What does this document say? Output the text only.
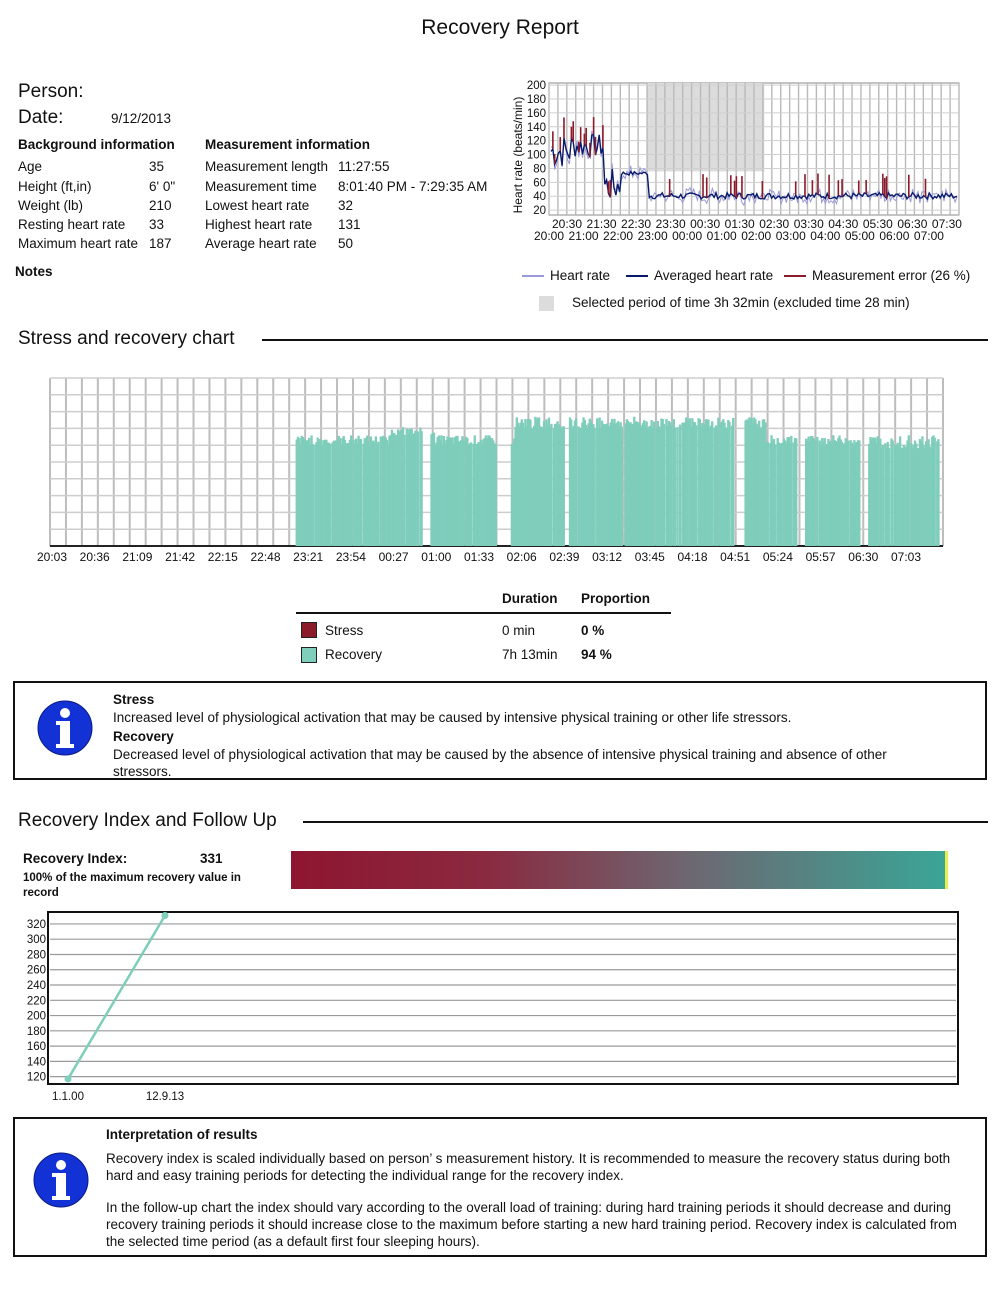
Recovery Report
Person:
Date:	9/12/2013
Background information
Age	35
Height (ft,in)	6' 0"
Weight (lb)	210
Resting heart rate 33
Maximum heart rate 187
Measurement information
Measurement length 11:27:55
Measurement time 8:01:40 PM - 7:29:35 AM
Lowest heart rate 32
Highest heart rate 131
Average heart rate 50
Notes
Heart rate (beats/min)
200
180
160
140
120
100
80
60
40
20
20:30 21:30 22:30 23:30 00:30 01:30 02:30 03:30 04:30 05:30 06:30 07:30
20:00 21:00 22:00 23:00 00:00 01:00 02:00 03:00 04:00 05:00 06:00 07:00
Heart rate	Averaged heart rate	Measurement error (26 %)
Selected period of time 3h 32min (excluded time 28 min)
Stress and recovery chart
20:03 20:36 21:09 21:42 22:15 22:48 23:21 23:54 00:27 01:00 01:33 02:06 02:39 03:12 03:45 04:18 04:51 05:24 05:57 06:30 07:03
Duration Proportion
Stress	0 min	0 %
Recovery	7h 13min 94 %
Stress
Increased level of physiological activation that may be caused by intensive physical training or other life stressors.
Recovery
Decreased level of physiological activation that may be caused by the absence of intensive physical training and absence of other stressors.
Recovery Index and Follow Up
Recovery Index:	331
100% of the maximum recovery value in record
120
140
160
180
200
220
240
260
280
300
320
1.1.00	12.9.13
Interpretation of results
Recovery index is scaled individually based on person’ s measurement history. It is recommended to measure the recovery status during both hard and easy training periods for detecting the individual range for the recovery index.
In the follow-up chart the index should vary according to the overall load of training: during hard training periods it should decrease and during recovery training periods it should increase close to the maximum before starting a new hard training period. Recovery index is calculated from the selected time period (as a default first four sleeping hours).
